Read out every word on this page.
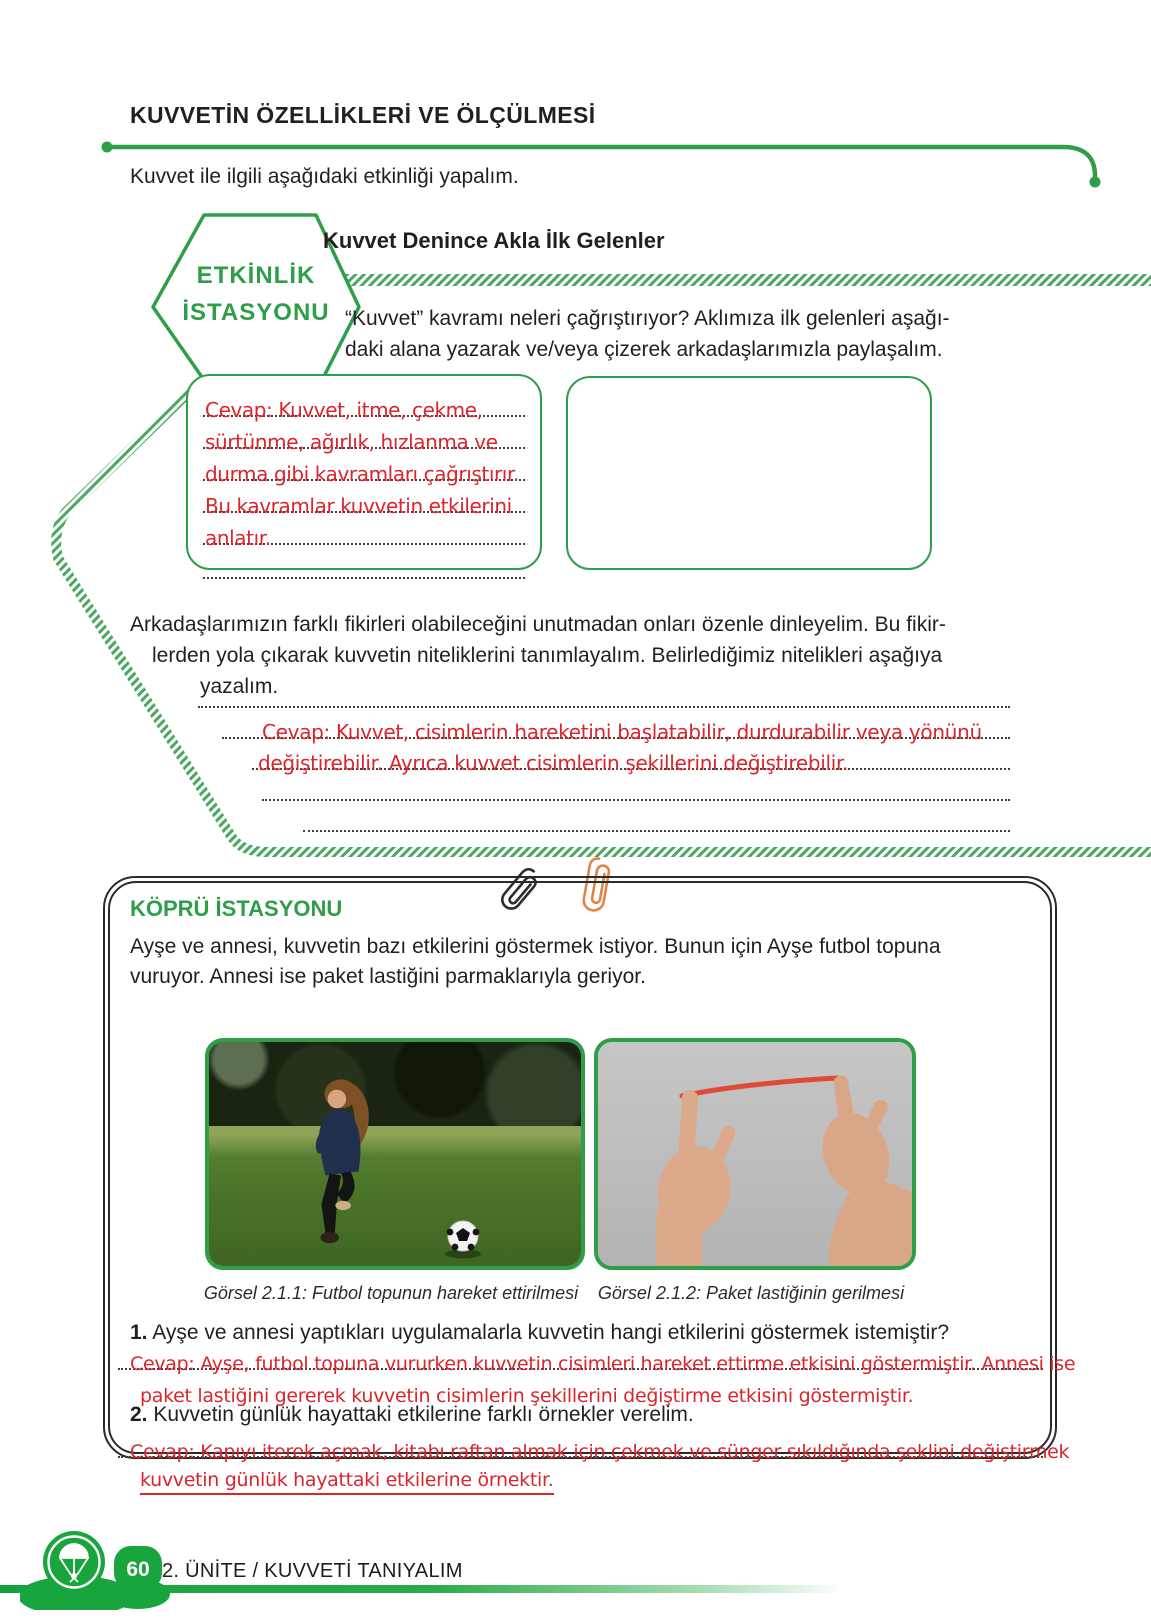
KUVVETİN ÖZELLİKLERİ VE ÖLÇÜLMESİ
Kuvvet ile ilgili aşağıdaki etkinliği yapalım.
ETKİNLİK
İSTASYONU
Kuvvet Denince Akla İlk Gelenler
“Kuvvet” kavramı neleri çağrıştırıyor? Aklımıza ilk gelenleri aşağı-
daki alana yazarak ve/veya çizerek arkadaşlarımızla paylaşalım.
Cevap: Kuvvet, itme, çekme,
sürtünme, ağırlık, hızlanma ve
durma gibi kavramları çağrıştırır.
Bu kavramlar kuvvetin etkilerini
anlatır.
Arkadaşlarımızın farklı fikirleri olabileceğini unutmadan onları özenle dinleyelim. Bu fikir-
lerden yola çıkarak kuvvetin niteliklerini tanımlayalım. Belirlediğimiz nitelikleri aşağıya
yazalım.
Cevap: Kuvvet, cisimlerin hareketini başlatabilir, durdurabilir veya yönünü
değiştirebilir. Ayrıca kuvvet cisimlerin şekillerini değiştirebilir.
KÖPRÜ İSTASYONU
Ayşe ve annesi, kuvvetin bazı etkilerini göstermek istiyor. Bunun için Ayşe futbol topuna
vuruyor. Annesi ise paket lastiğini parmaklarıyla geriyor.
Görsel 2.1.1: Futbol topunun hareket ettirilmesi	Görsel 2.1.2: Paket lastiğinin gerilmesi
1. Ayşe ve annesi yaptıkları uygulamalarla kuvvetin hangi etkilerini göstermek istemiştir?
Cevap: Ayşe, futbol topuna vururken kuvvetin cisimleri hareket ettirme etkisini göstermiştir. Annesi ise
paket lastiğini gererek kuvvetin cisimlerin şekillerini değiştirme etkisini göstermiştir.
2. Kuvvetin günlük hayattaki etkilerine farklı örnekler verelim.
Cevap: Kapıyı iterek açmak, kitabı raftan almak için çekmek ve sünger sıkıldığında şeklini değiştirmek
kuvvetin günlük hayattaki etkilerine örnektir.
60 2. ÜNİTE / KUVVETİ TANIYALIM
